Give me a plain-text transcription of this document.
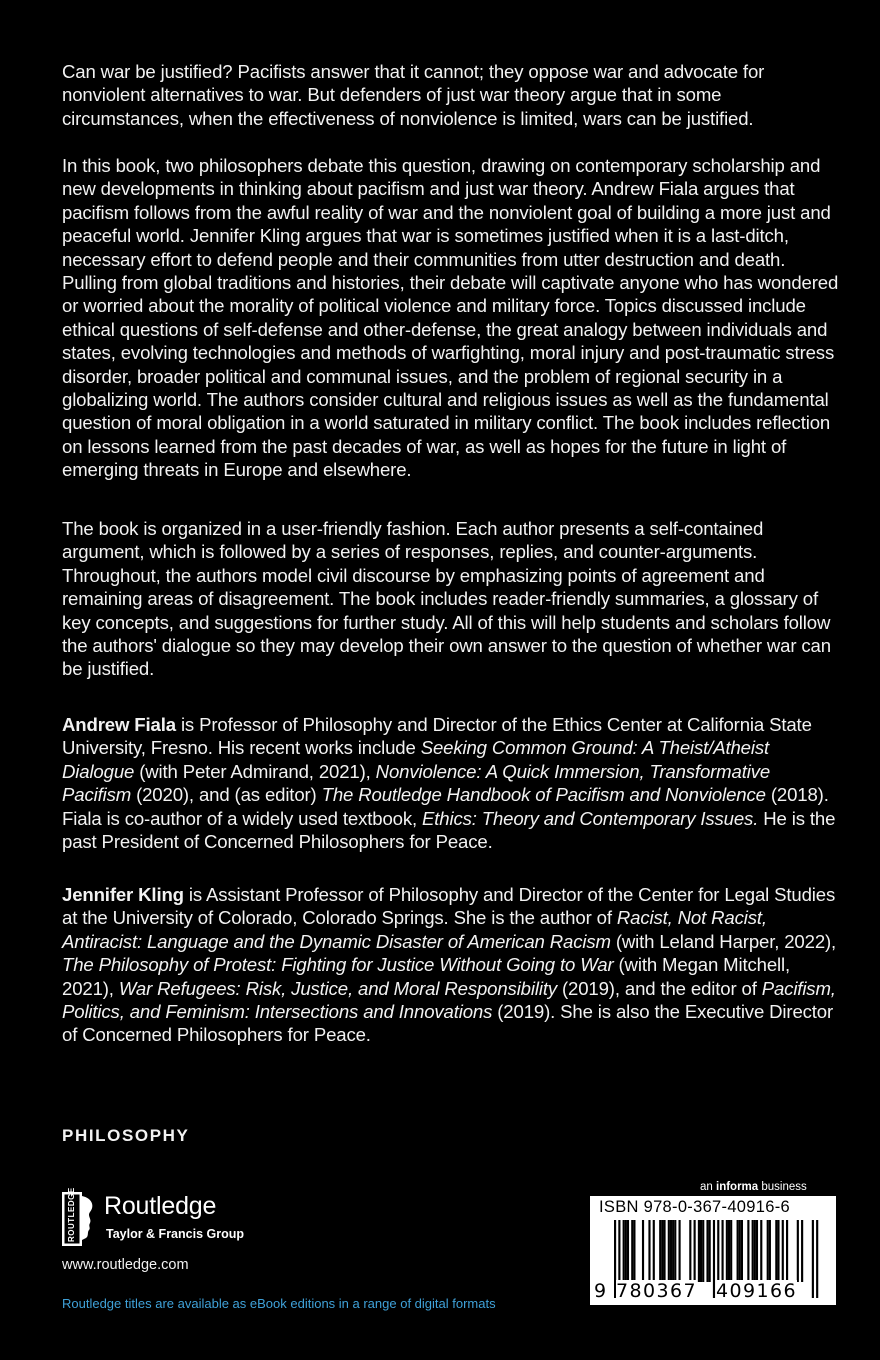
Can war be justified? Pacifists answer that it cannot; they oppose war and advocate for nonviolent alternatives to war. But defenders of just war theory argue that in some circumstances, when the effectiveness of nonviolence is limited, wars can be justified.

In this book, two philosophers debate this question, drawing on contemporary scholarship and new developments in thinking about pacifism and just war theory. Andrew Fiala argues that pacifism follows from the awful reality of war and the nonviolent goal of building a more just and peaceful world. Jennifer Kling argues that war is sometimes justified when it is a last-ditch, necessary effort to defend people and their communities from utter destruction and death. Pulling from global traditions and histories, their debate will captivate anyone who has wondered or worried about the morality of political violence and military force. Topics discussed include ethical questions of self-defense and other-defense, the great analogy between individuals and states, evolving technologies and methods of warfighting, moral injury and post-traumatic stress disorder, broader political and communal issues, and the problem of regional security in a globalizing world. The authors consider cultural and religious issues as well as the fundamental question of moral obligation in a world saturated in military conflict. The book includes reflection on lessons learned from the past decades of war, as well as hopes for the future in light of emerging threats in Europe and elsewhere.

The book is organized in a user-friendly fashion. Each author presents a self-contained argument, which is followed by a series of responses, replies, and counter-arguments. Throughout, the authors model civil discourse by emphasizing points of agreement and remaining areas of disagreement. The book includes reader-friendly summaries, a glossary of key concepts, and suggestions for further study. All of this will help students and scholars follow the authors' dialogue so they may develop their own answer to the question of whether war can be justified.

Andrew Fiala is Professor of Philosophy and Director of the Ethics Center at California State University, Fresno. His recent works include Seeking Common Ground: A Theist/Atheist Dialogue (with Peter Admirand, 2021), Nonviolence: A Quick Immersion, Transformative Pacifism (2020), and (as editor) The Routledge Handbook of Pacifism and Nonviolence (2018). Fiala is co-author of a widely used textbook, Ethics: Theory and Contemporary Issues. He is the past President of Concerned Philosophers for Peace.

Jennifer Kling is Assistant Professor of Philosophy and Director of the Center for Legal Studies at the University of Colorado, Colorado Springs. She is the author of Racist, Not Racist, Antiracist: Language and the Dynamic Disaster of American Racism (with Leland Harper, 2022), The Philosophy of Protest: Fighting for Justice Without Going to War (with Megan Mitchell, 2021), War Refugees: Risk, Justice, and Moral Responsibility (2019), and the editor of Pacifism, Politics, and Feminism: Intersections and Innovations (2019). She is also the Executive Director of Concerned Philosophers for Peace.

PHILOSOPHY
ROUTLEDGE Routledge
Taylor & Francis Group
www.routledge.com
Routledge titles are available as eBook editions in a range of digital formats
an informa business
ISBN 978-0-367-40916-6
9 780367 409166
